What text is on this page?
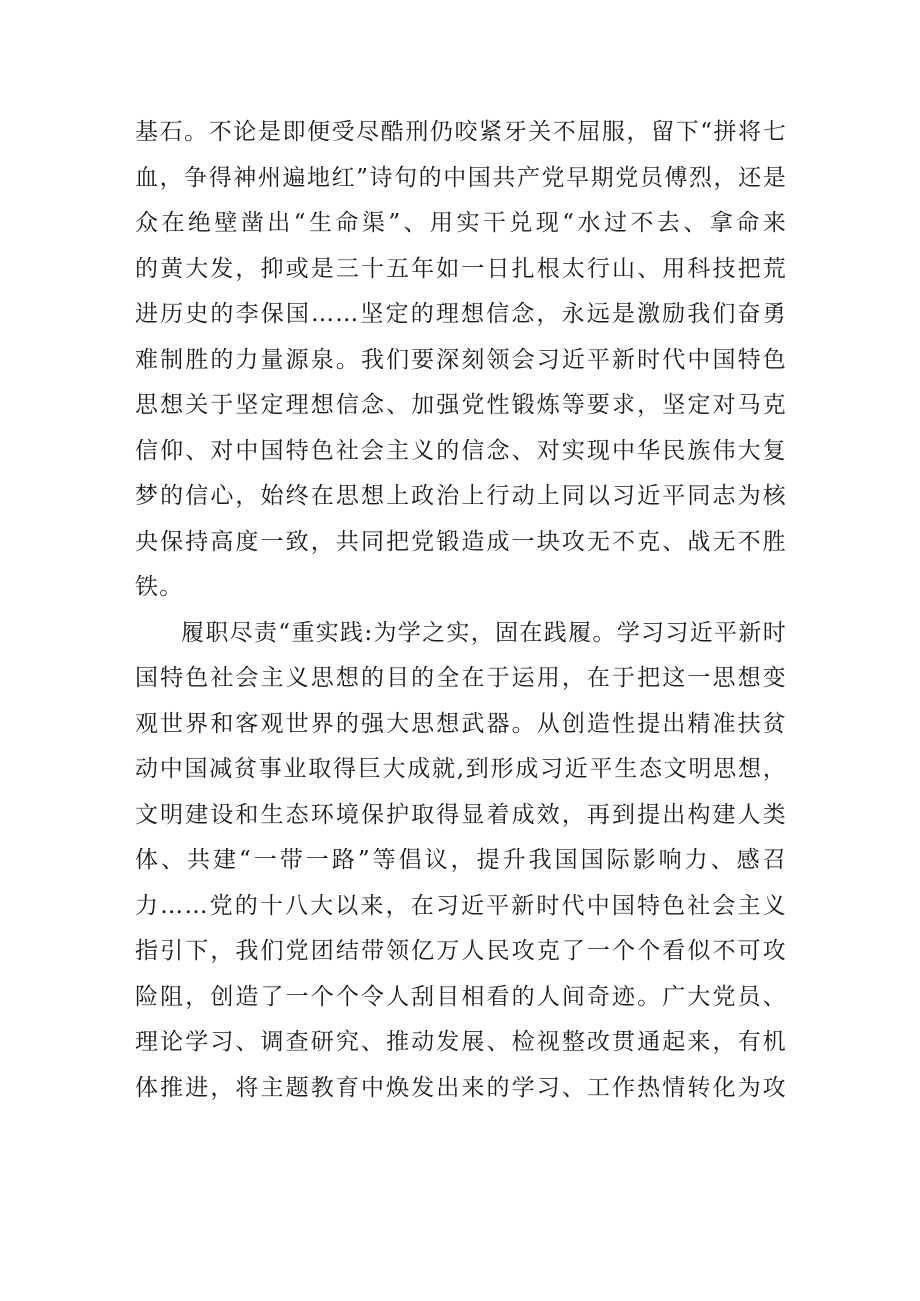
基石。不论是即便受尽酷刑仍咬紧牙关不屈服，留下“拼将七
血，争得神州遍地红”诗句的中国共产党早期党员傅烈，还是
众在绝壁凿出“生命渠”、用实干兑现“水过不去、拿命来
的黄大发，抑或是三十五年如一日扎根太行山、用科技把荒
进历史的李保国……坚定的理想信念，永远是激励我们奋勇
难制胜的力量源泉。我们要深刻领会习近平新时代中国特色
思想关于坚定理想信念、加强党性锻炼等要求，坚定对马克
信仰、对中国特色社会主义的信念、对实现中华民族伟大复
梦的信心，始终在思想上政治上行动上同以习近平同志为核
央保持高度一致，共同把党锻造成一块攻无不克、战无不胜
铁。
履职尽责“重实践:为学之实，固在践履。学习习近平新时
国特色社会主义思想的目的全在于运用，在于把这一思想变
观世界和客观世界的强大思想武器。从创造性提出精准扶贫
动中国减贫事业取得巨大成就,到形成习近平生态文明思想，
文明建设和生态环境保护取得显着成效，再到提出构建人类
体、共建“一带一路”等倡议，提升我国国际影响力、感召
力……党的十八大以来，在习近平新时代中国特色社会主义
指引下，我们党团结带领亿万人民攻克了一个个看似不可攻
险阻，创造了一个个令人刮目相看的人间奇迹。广大党员、
理论学习、调查研究、推动发展、检视整改贯通起来，有机
体推进，将主题教育中焕发出来的学习、工作热情转化为攻
